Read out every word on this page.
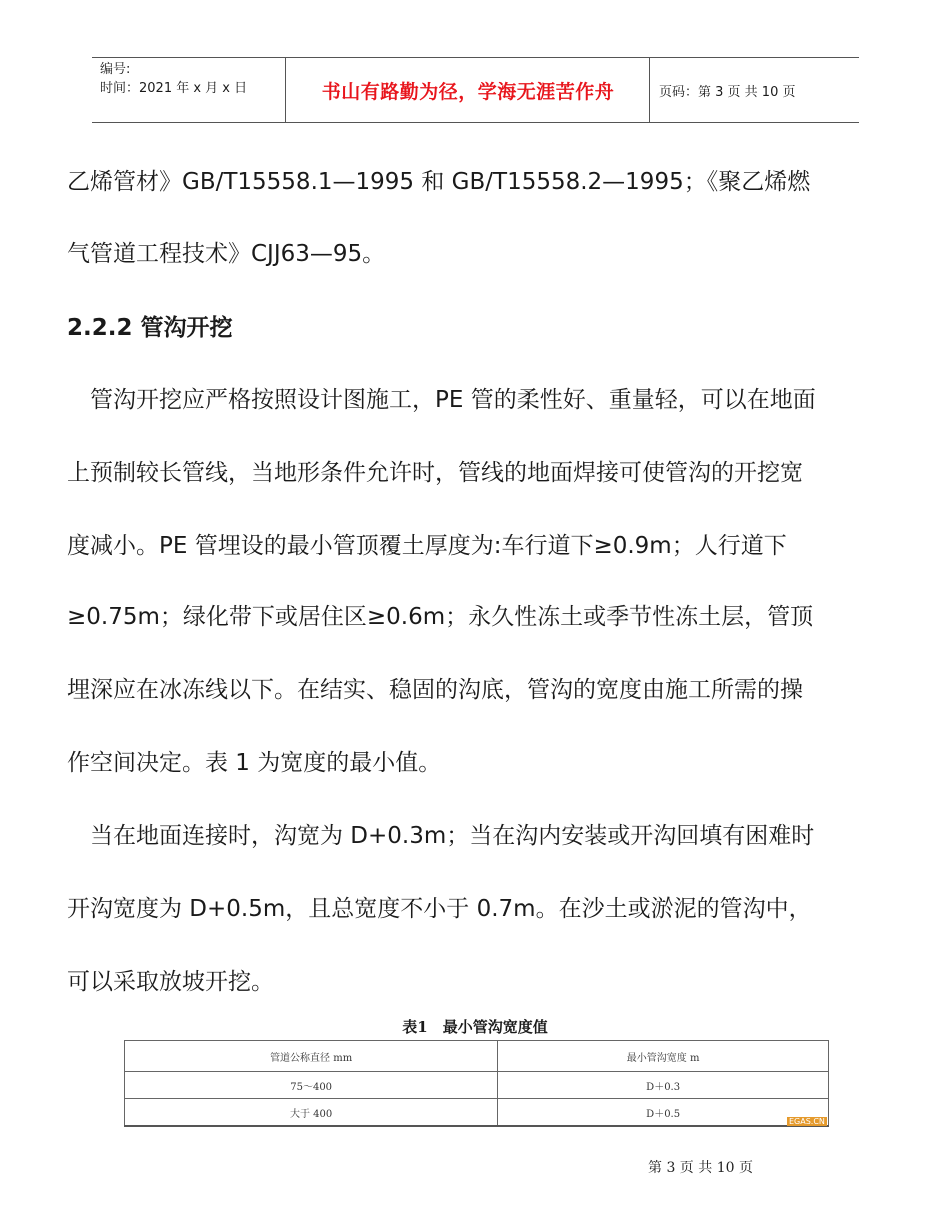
编号:
时间：2021 年 x 月 x 日	书山有路勤为径，学海无涯苦作舟	页码：第 3 页 共 10 页
乙烯管材》GB/T15558.1—1995 和 GB/T15558.2—1995；《聚乙烯燃
气管道工程技术》CJJ63—95。
　管沟开挖应严格按照设计图施工，PE 管的柔性好、重量轻，可以在地面
上预制较长管线，当地形条件允许时，管线的地面焊接可使管沟的开挖宽
度减小。PE 管埋设的最小管顶覆土厚度为:车行道下≥0.9m；人行道下
≥0.75m；绿化带下或居住区≥0.6m；永久性冻土或季节性冻土层，管顶
埋深应在冰冻线以下。在结实、稳固的沟底，管沟的宽度由施工所需的操
作空间决定。表 1 为宽度的最小值。
　当在地面连接时，沟宽为 D+0.3m；当在沟内安装或开沟回填有困难时
开沟宽度为 D+0.5m，且总宽度不小于 0.7m。在沙土或淤泥的管沟中，
可以采取放坡开挖。
2.2.2 管沟开挖
表1　最小管沟宽度值
管道公称直径 mm	最小管沟宽度 m
75～400	D＋0.3
大于 400	D＋0.5
EGAS.CN
第 3 页 共 10 页
